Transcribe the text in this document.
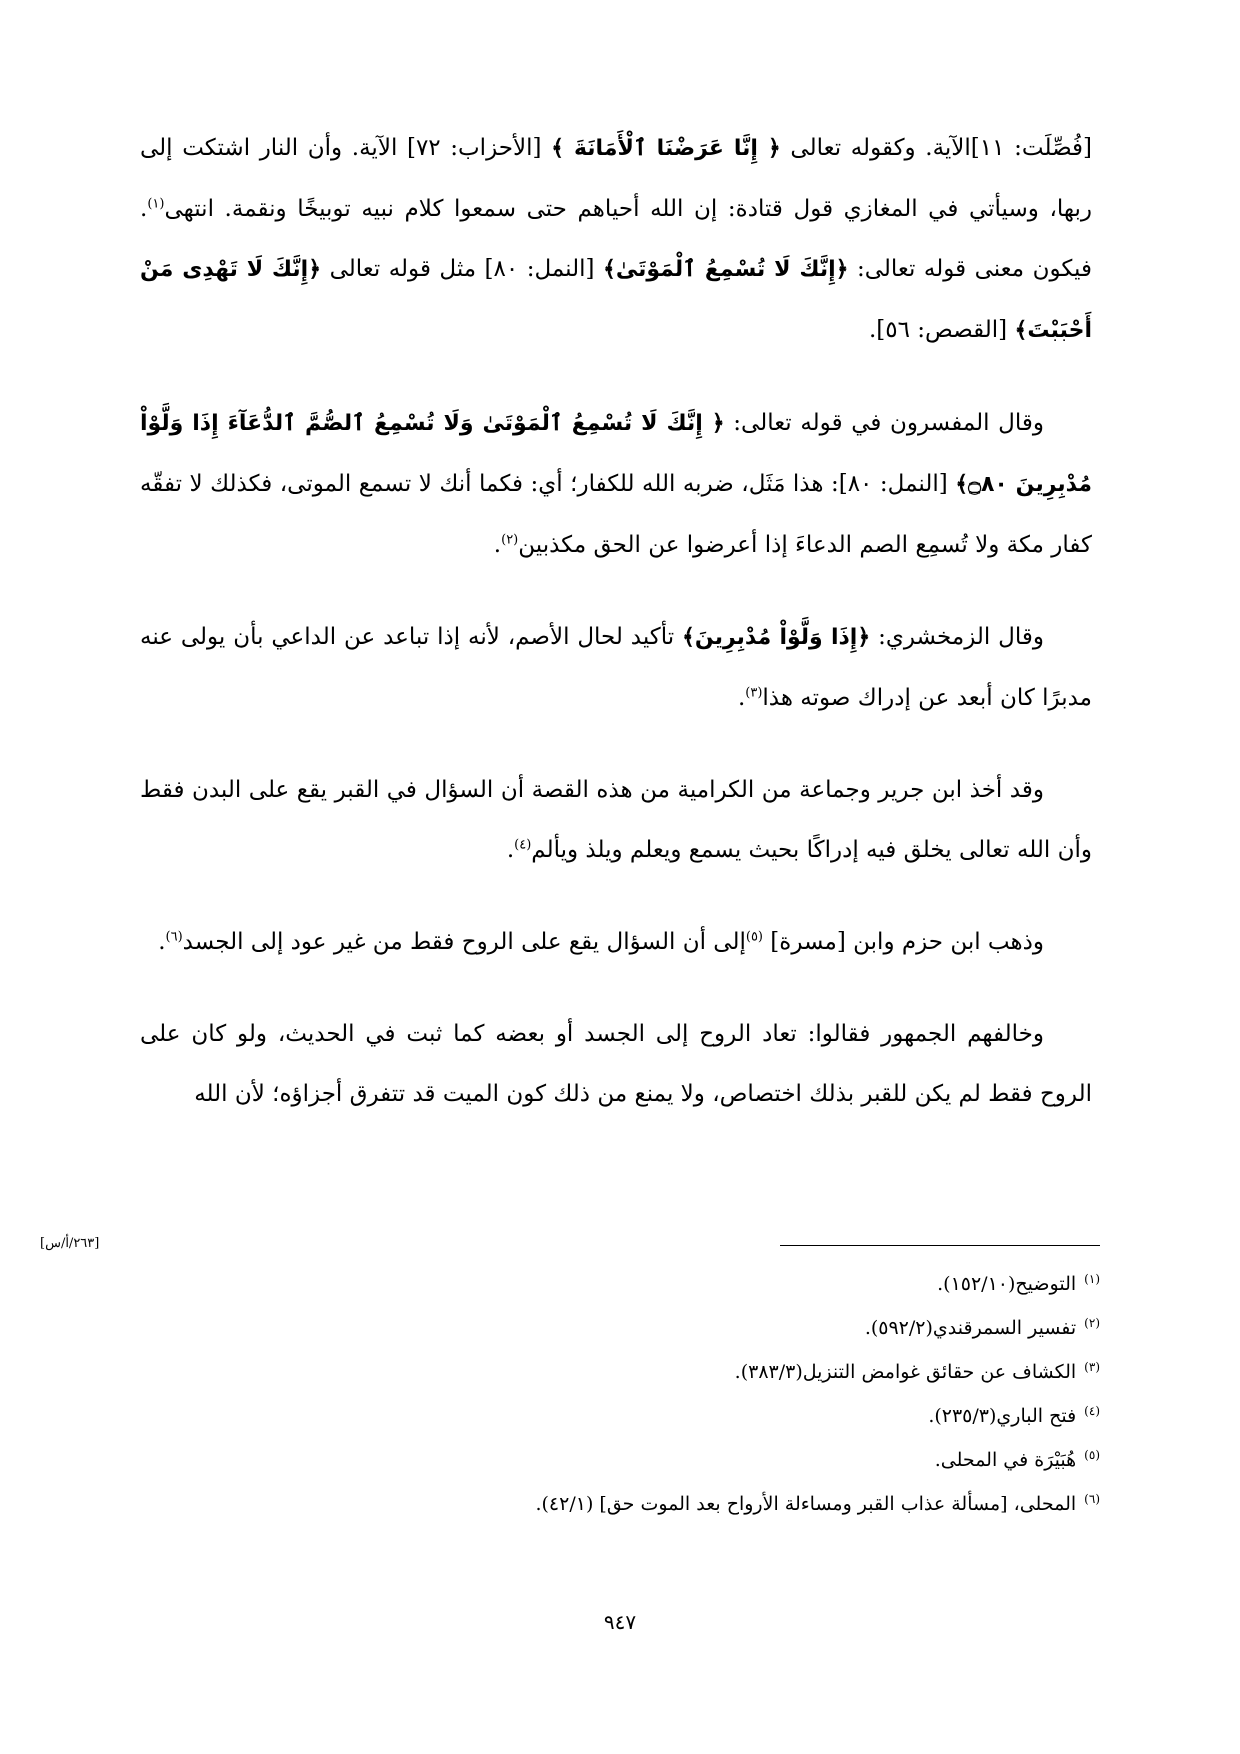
[فُصِّلَت: ١١]الآية. وكقوله تعالى ﴿ إِنَّا عَرَضْنَا ٱلْأَمَانَةَ ﴾ [الأحزاب: ٧٢] الآية. وأن النار اشتكت إلى ربها، وسيأتي في المغازي قول قتادة: إن الله أحياهم حتى سمعوا كلام نبيه توبيخًا ونقمة. انتهى$^{(١)}$. فيكون معنى قوله تعالى: ﴿إِنَّكَ لَا تُسْمِعُ ٱلْمَوْتَىٰ﴾ [النمل: ٨٠] مثل قوله تعالى ﴿إِنَّكَ لَا تَهْدِى مَنْ أَحْبَبْتَ﴾ [القصص: ٥٦].

وقال المفسرون في قوله تعالى: ﴿ إِنَّكَ لَا تُسْمِعُ ٱلْمَوْتَىٰ وَلَا تُسْمِعُ ٱلصُّمَّ ٱلدُّعَآءَ إِذَا وَلَّوْاْ مُدْبِرِينَ ۝٨٠﴾ [النمل: ٨٠]: هذا مَثَل، ضربه الله للكفار؛ أي: فكما أنك لا تسمع الموتى، فكذلك لا تفقّه كفار مكة ولا تُسمِع الصم الدعاءَ إذا أعرضوا عن الحق مكذبين$^{(٢)}$.

وقال الزمخشري: ﴿إِذَا وَلَّوْاْ مُدْبِرِينَ﴾ تأكيد لحال الأصم، لأنه إذا تباعد عن الداعي بأن يولى عنه مدبرًا كان أبعد عن إدراك صوته هذا$^{(٣)}$.

وقد أخذ ابن جرير وجماعة من الكرامية من هذه القصة أن السؤال في القبر يقع على البدن فقط وأن الله تعالى يخلق فيه إدراكًا بحيث يسمع ويعلم ويلذ ويألم$^{(٤)}$.

وذهب ابن حزم وابن [مسرة] $^{(٥)}$إلى أن السؤال يقع على الروح فقط من غير عود إلى الجسد$^{(٦)}$.

وخالفهم الجمهور فقالوا: تعاد الروح إلى الجسد أو بعضه كما ثبت في الحديث، ولو كان على الروح فقط لم يكن للقبر بذلك اختصاص، ولا يمنع من ذلك كون الميت قد تتفرق أجزاؤه؛ لأن الله

[٢٦٣/أ/س]
$^{(١)}$التوضيح(١٥٢/١٠).
$^{(٢)}$تفسير السمرقندي(٥٩٢/٢).
$^{(٣)}$الكشاف عن حقائق غوامض التنزيل(٣٨٣/٣).
$^{(٤)}$فتح الباري(٢٣٥/٣).
$^{(٥)}$هُبَيْرَة في المحلى.
$^{(٦)}$المحلى، [مسألة عذاب القبر ومساءلة الأرواح بعد الموت حق] (٤٢/١).
٩٤٧
